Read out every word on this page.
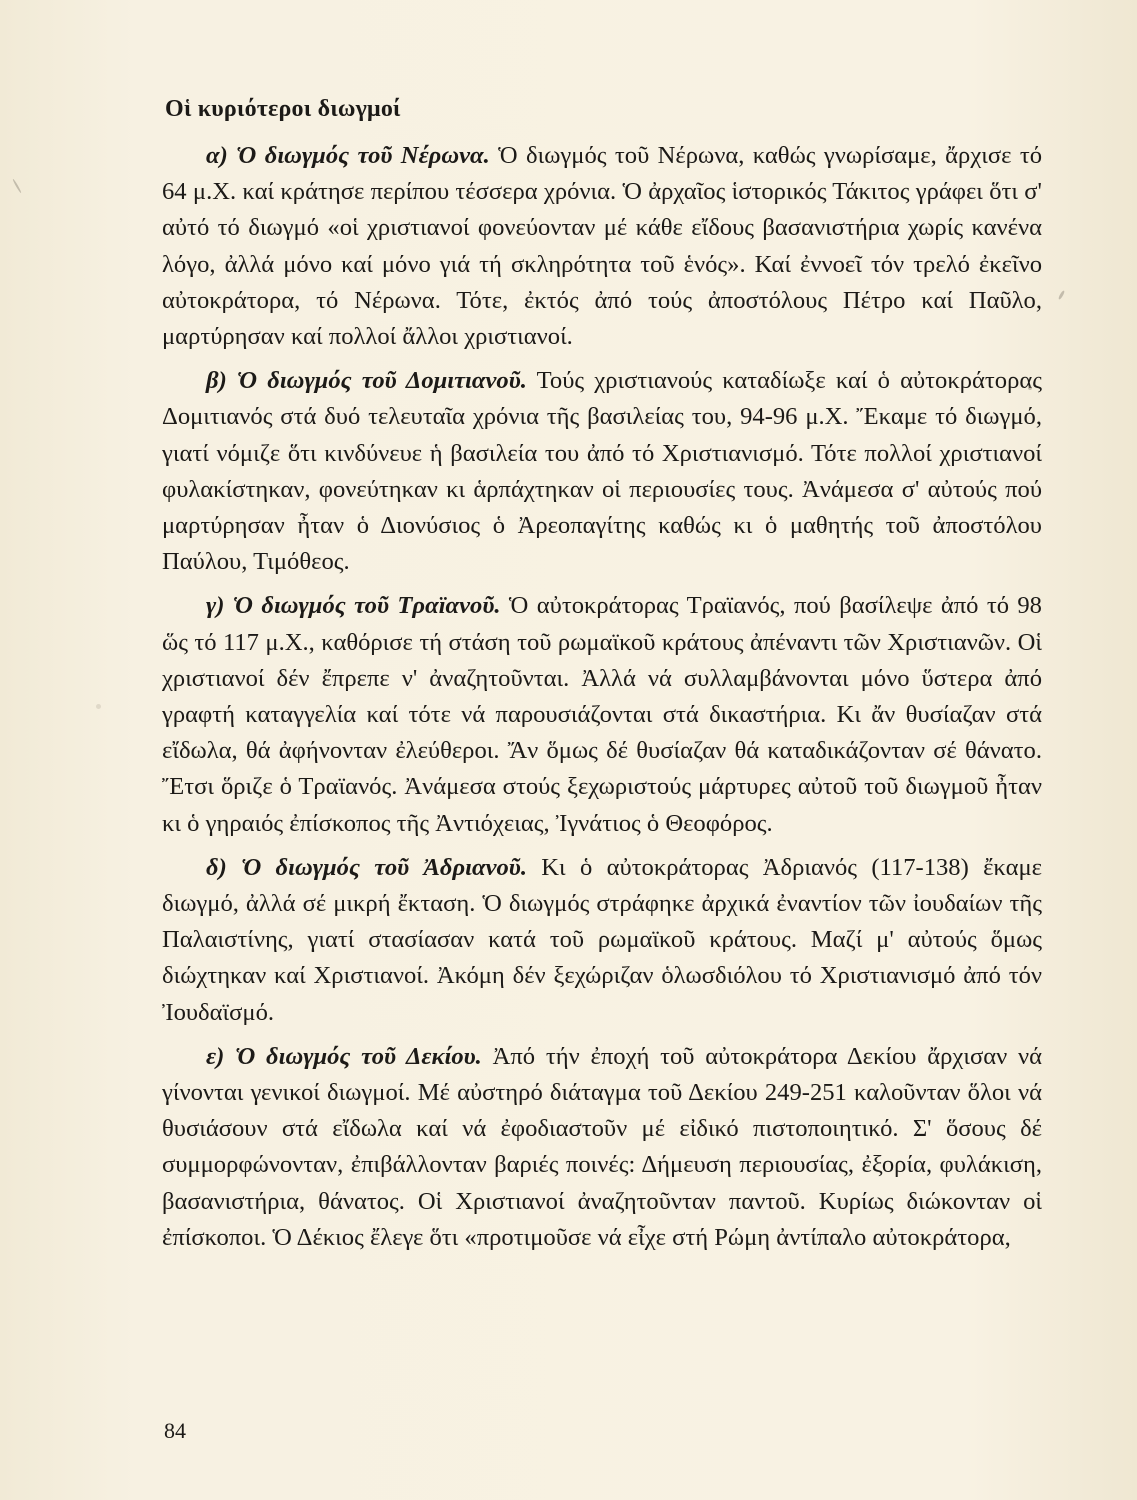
Οἱ κυριότεροι διωγμοί

α) Ὁ διωγμός τοῦ Νέρωνα. Ὁ διωγμός τοῦ Νέρωνα, καθώς γνωρίσαμε, ἄρχισε τό 64 μ.Χ. καί κράτησε περίπου τέσσερα χρόνια. Ὁ ἀρχαῖος ἱστορικός Τάκιτος γράφει ὅτι σ' αὐτό τό διωγμό «οἱ χριστιανοί φονεύονταν μέ κάθε εἴδους βασανιστήρια χωρίς κανένα λόγο, ἀλλά μόνο καί μόνο γιά τή σκληρότητα τοῦ ἑνός». Καί ἐννοεῖ τόν τρελό ἐκεῖνο αὐτοκράτορα, τό Νέρωνα. Τότε, ἐκτός ἀπό τούς ἀποστόλους Πέτρο καί Παῦλο, μαρτύρησαν καί πολλοί ἄλλοι χριστιανοί.

β) Ὁ διωγμός τοῦ Δομιτιανοῦ. Τούς χριστιανούς καταδίωξε καί ὁ αὐτοκράτορας Δομιτιανός στά δυό τελευταῖα χρόνια τῆς βασιλείας του, 94-96 μ.Χ. Ἔκαμε τό διωγμό, γιατί νόμιζε ὅτι κινδύνευε ἡ βασιλεία του ἀπό τό Χριστιανισμό. Τότε πολλοί χριστιανοί φυλακίστηκαν, φονεύτηκαν κι ἁρπάχτηκαν οἱ περιουσίες τους. Ἀνάμεσα σ' αὐτούς πού μαρτύρησαν ἦταν ὁ Διονύσιος ὁ Ἀρεοπαγίτης καθώς κι ὁ μαθητής τοῦ ἀποστόλου Παύλου, Τιμόθεος.

γ) Ὁ διωγμός τοῦ Τραϊανοῦ. Ὁ αὐτοκράτορας Τραϊανός, πού βασίλεψε ἀπό τό 98 ὥς τό 117 μ.Χ., καθόρισε τή στάση τοῦ ρωμαϊκοῦ κράτους ἀπέναντι τῶν Χριστιανῶν. Οἱ χριστιανοί δέν ἔπρεπε ν' ἀναζητοῦνται. Ἀλλά νά συλλαμβάνονται μόνο ὕστερα ἀπό γραφτή καταγγελία καί τότε νά παρουσιάζονται στά δικαστήρια. Κι ἄν θυσίαζαν στά εἴδωλα, θά ἀφήνονταν ἐλεύθεροι. Ἄν ὅμως δέ θυσίαζαν θά καταδικάζονταν σέ θάνατο. Ἔτσι ὅριζε ὁ Τραϊανός. Ἀνάμεσα στούς ξεχωριστούς μάρτυρες αὐτοῦ τοῦ διωγμοῦ ἦταν κι ὁ γηραιός ἐπίσκοπος τῆς Ἀντιόχειας, Ἰγνάτιος ὁ Θεοφόρος.

δ) Ὁ διωγμός τοῦ Ἀδριανοῦ. Κι ὁ αὐτοκράτορας Ἀδριανός (117-138) ἔκαμε διωγμό, ἀλλά σέ μικρή ἔκταση. Ὁ διωγμός στράφηκε ἀρχικά ἐναντίον τῶν ἰουδαίων τῆς Παλαιστίνης, γιατί στασίασαν κατά τοῦ ρωμαϊκοῦ κράτους. Μαζί μ' αὐτούς ὅμως διώχτηκαν καί Χριστιανοί. Ἀκόμη δέν ξεχώριζαν ὁλωσδιόλου τό Χριστιανισμό ἀπό τόν Ἰουδαϊσμό.

ε) Ὁ διωγμός τοῦ Δεκίου. Ἀπό τήν ἐποχή τοῦ αὐτοκράτορα Δεκίου ἄρχισαν νά γίνονται γενικοί διωγμοί. Μέ αὐστηρό διάταγμα τοῦ Δεκίου 249-251 καλοῦνταν ὅλοι νά θυσιάσουν στά εἴδωλα καί νά ἐφοδιαστοῦν μέ εἰδικό πιστοποιητικό. Σ' ὅσους δέ συμμορφώνονταν, ἐπιβάλλονταν βαριές ποινές: Δήμευση περιουσίας, ἐξορία, φυλάκιση, βασανιστήρια, θάνατος. Οἱ Χριστιανοί ἀναζητοῦνταν παντοῦ. Κυρίως διώκονταν οἱ ἐπίσκοποι. Ὁ Δέκιος ἔλεγε ὅτι «προτιμοῦσε νά εἶχε στή Ρώμη ἀντίπαλο αὐτοκράτορα,

84
